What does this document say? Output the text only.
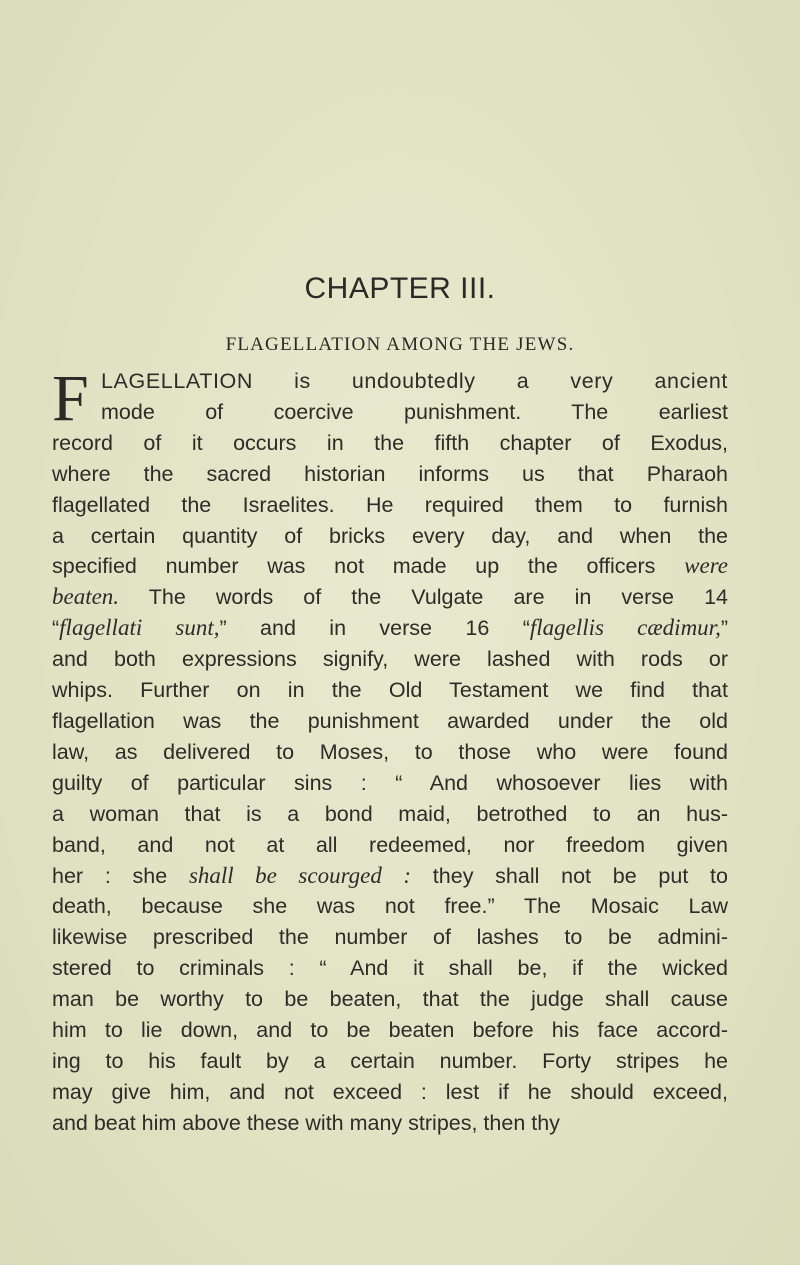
CHAPTER III.
FLAGELLATION AMONG THE JEWS.
F LAGELLATION is undoubtedly a very ancient
mode of coercive punishment. The earliest
record of it occurs in the fifth chapter of Exodus,
where the sacred historian informs us that Pharaoh
flagellated the Israelites. He required them to furnish
a certain quantity of bricks every day, and when the
specified number was not made up the officers were
beaten. The words of the Vulgate are in verse 14
“flagellati sunt,” and in verse 16 “flagellis cædimur,”
and both expressions signify, were lashed with rods or
whips. Further on in the Old Testament we find that
flagellation was the punishment awarded under the old
law, as delivered to Moses, to those who were found
guilty of particular sins : “ And whosoever lies with
a woman that is a bond maid, betrothed to an hus-
band, and not at all redeemed, nor freedom given
her : she shall be scourged : they shall not be put to
death, because she was not free.” The Mosaic Law
likewise prescribed the number of lashes to be admini-
stered to criminals : “ And it shall be, if the wicked
man be worthy to be beaten, that the judge shall cause
him to lie down, and to be beaten before his face accord-
ing to his fault by a certain number. Forty stripes he
may give him, and not exceed : lest if he should exceed,
and beat him above these with many stripes, then thy
